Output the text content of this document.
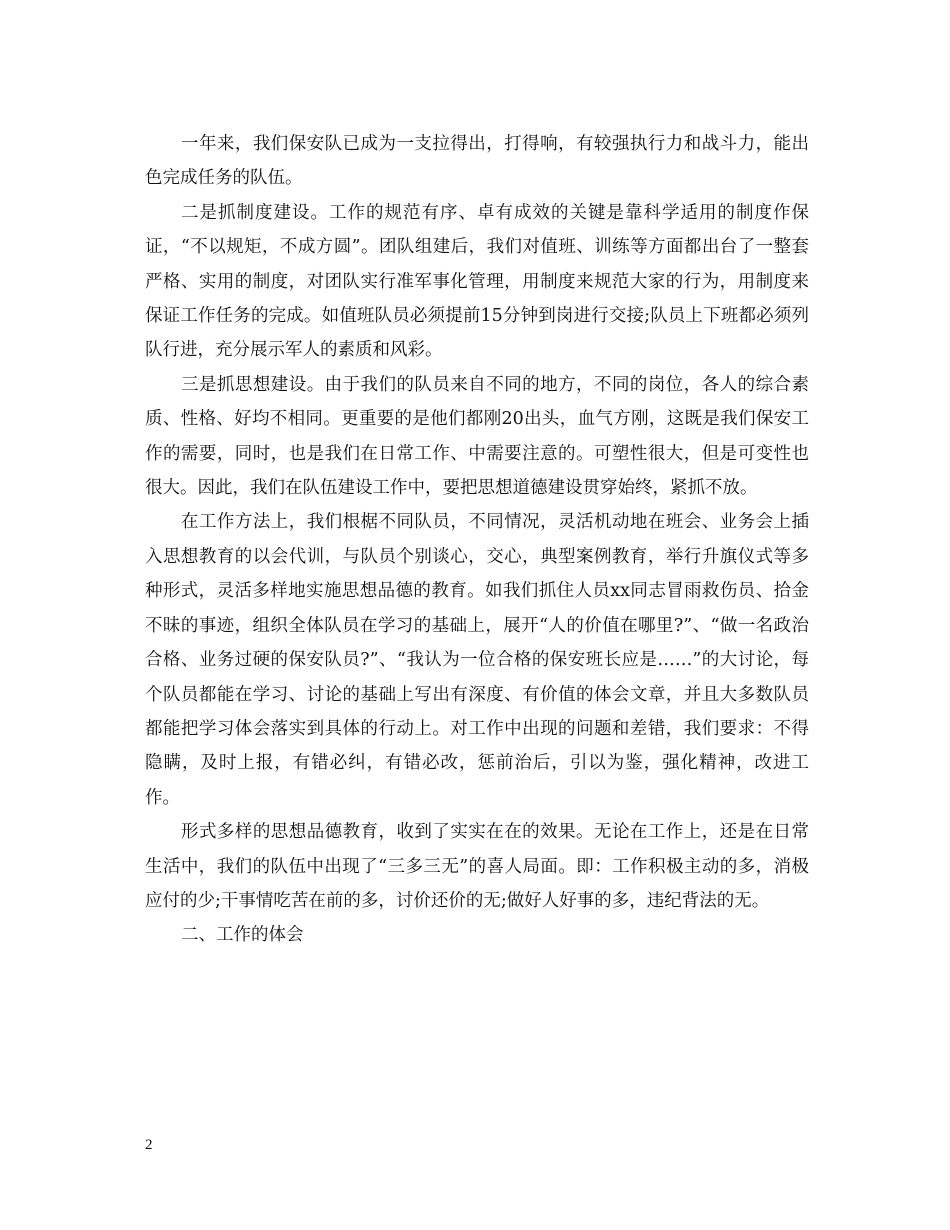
一年来，我们保安队已成为一支拉得出，打得响，有较强执行力和战斗力，能出色完成任务的队伍。

二是抓制度建设。工作的规范有序、卓有成效的关键是靠科学适用的制度作保证，“不以规矩，不成方圆”。团队组建后，我们对值班、训练等方面都出台了一整套严格、实用的制度，对团队实行准军事化管理，用制度来规范大家的行为，用制度来保证工作任务的完成。如值班队员必须提前15分钟到岗进行交接;队员上下班都必须列队行进，充分展示军人的素质和风彩。

三是抓思想建设。由于我们的队员来自不同的地方，不同的岗位，各人的综合素质、性格、好均不相同。更重要的是他们都刚20出头，血气方刚，这既是我们保安工作的需要，同时，也是我们在日常工作、中需要注意的。可塑性很大，但是可变性也很大。因此，我们在队伍建设工作中，要把思想道德建设贯穿始终，紧抓不放。

在工作方法上，我们根椐不同队员，不同情况，灵活机动地在班会、业务会上插入思想教育的以会代训，与队员个别谈心，交心，典型案例教育，举行升旗仪式等多种形式，灵活多样地实施思想品德的教育。如我们抓住人员xx同志冒雨救伤员、拾金不昧的事迹，组织全体队员在学习的基础上，展开“人的价值在哪里?”、“做一名政治合格、业务过硬的保安队员?”、“我认为一位合格的保安班长应是……”的大讨论，每个队员都能在学习、讨论的基础上写出有深度、有价值的体会文章，并且大多数队员都能把学习体会落实到具体的行动上。对工作中出现的问题和差错，我们要求：不得隐瞒，及时上报，有错必纠，有错必改，惩前治后，引以为鉴，强化精神，改进工作。

形式多样的思想品德教育，收到了实实在在的效果。无论在工作上，还是在日常生活中，我们的队伍中出现了“三多三无”的喜人局面。即：工作积极主动的多，消极应付的少;干事情吃苦在前的多，讨价还价的无;做好人好事的多，违纪背法的无。

二、工作的体会

2
